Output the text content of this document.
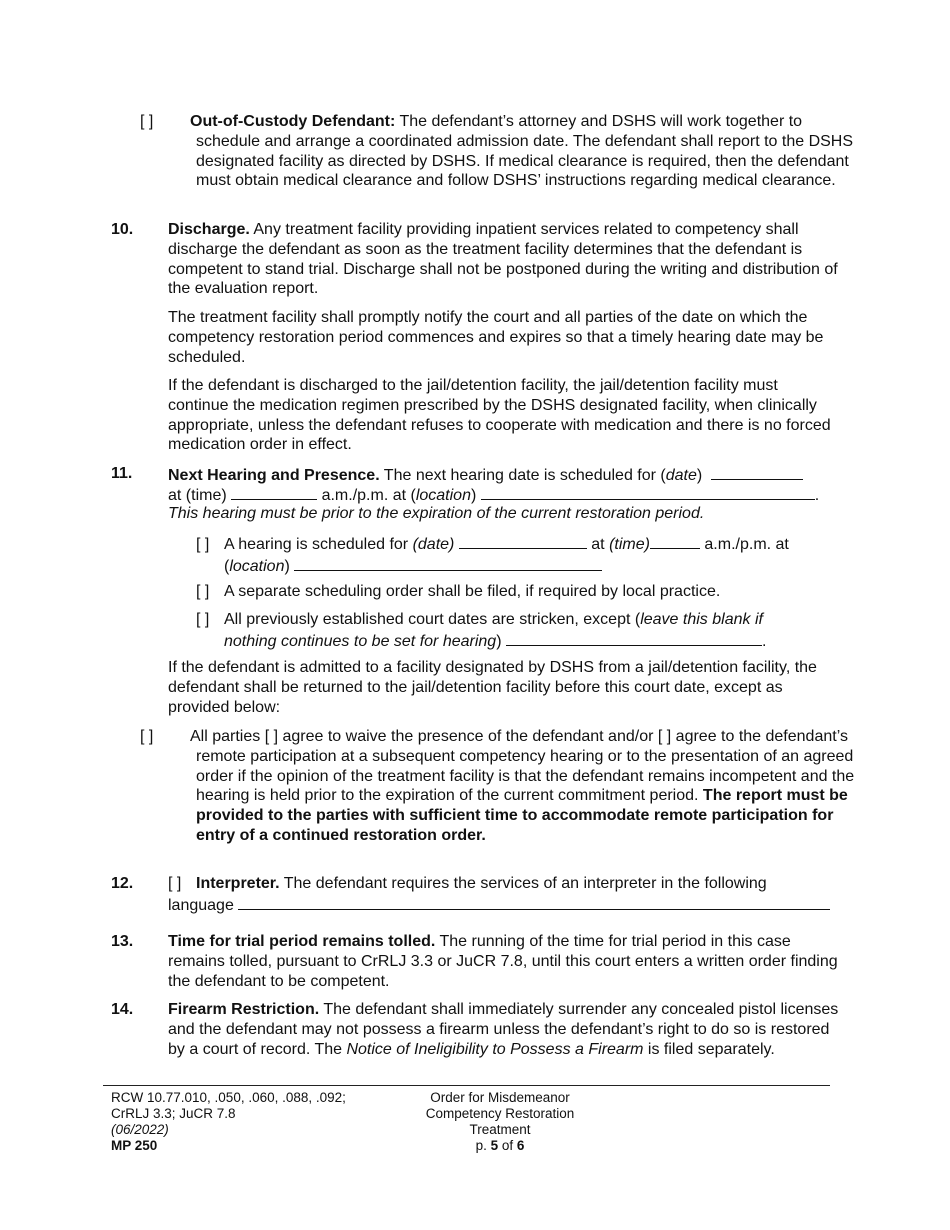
[ ] Out-of-Custody Defendant: The defendant’s attorney and DSHS will work together to schedule and arrange a coordinated admission date. The defendant shall report to the DSHS designated facility as directed by DSHS. If medical clearance is required, then the defendant must obtain medical clearance and follow DSHS’ instructions regarding medical clearance.

10. Discharge. Any treatment facility providing inpatient services related to competency shall discharge the defendant as soon as the treatment facility determines that the defendant is competent to stand trial. Discharge shall not be postponed during the writing and distribution of the evaluation report.

The treatment facility shall promptly notify the court and all parties of the date on which the competency restoration period commences and expires so that a timely hearing date may be scheduled.

If the defendant is discharged to the jail/detention facility, the jail/detention facility must continue the medication regimen prescribed by the DSHS designated facility, when clinically appropriate, unless the defendant refuses to cooperate with medication and there is no forced medication order in effect.

11. Next Hearing and Presence. The next hearing date is scheduled for (date)
at (time)	a.m./p.m. at (location)	.

This hearing must be prior to the expiration of the current restoration period.

[ ] A hearing is scheduled for (date)	at (time)	a.m./p.m. at
(location)
[ ] A separate scheduling order shall be filed, if required by local practice.
[ ] All previously established court dates are stricken, except (leave this blank if
nothing continues to be set for hearing)	.

If the defendant is admitted to a facility designated by DSHS from a jail/detention facility, the defendant shall be returned to the jail/detention facility before this court date, except as provided below:

[ ] All parties [ ] agree to waive the presence of the defendant and/or [ ] agree to the defendant’s remote participation at a subsequent competency hearing or to the presentation of an agreed order if the opinion of the treatment facility is that the defendant remains incompetent and the hearing is held prior to the expiration of the current commitment period. The report must be provided to the parties with sufficient time to accommodate remote participation for entry of a continued restoration order.

12. [ ] Interpreter. The defendant requires the services of an interpreter in the following
language
13. Time for trial period remains tolled. The running of the time for trial period in this case remains tolled, pursuant to CrRLJ 3.3 or JuCR 7.8, until this court enters a written order finding the defendant to be competent.

14. Firearm Restriction. The defendant shall immediately surrender any concealed pistol licenses and the defendant may not possess a firearm unless the defendant’s right to do so is restored by a court of record. The Notice of Ineligibility to Possess a Firearm is filed separately.

RCW 10.77.010, .050, .060, .088, .092;
CrRLJ 3.3; JuCR 7.8
(06/2022)
MP 250
Order for Misdemeanor
Competency Restoration
Treatment
p. 5 of 6
